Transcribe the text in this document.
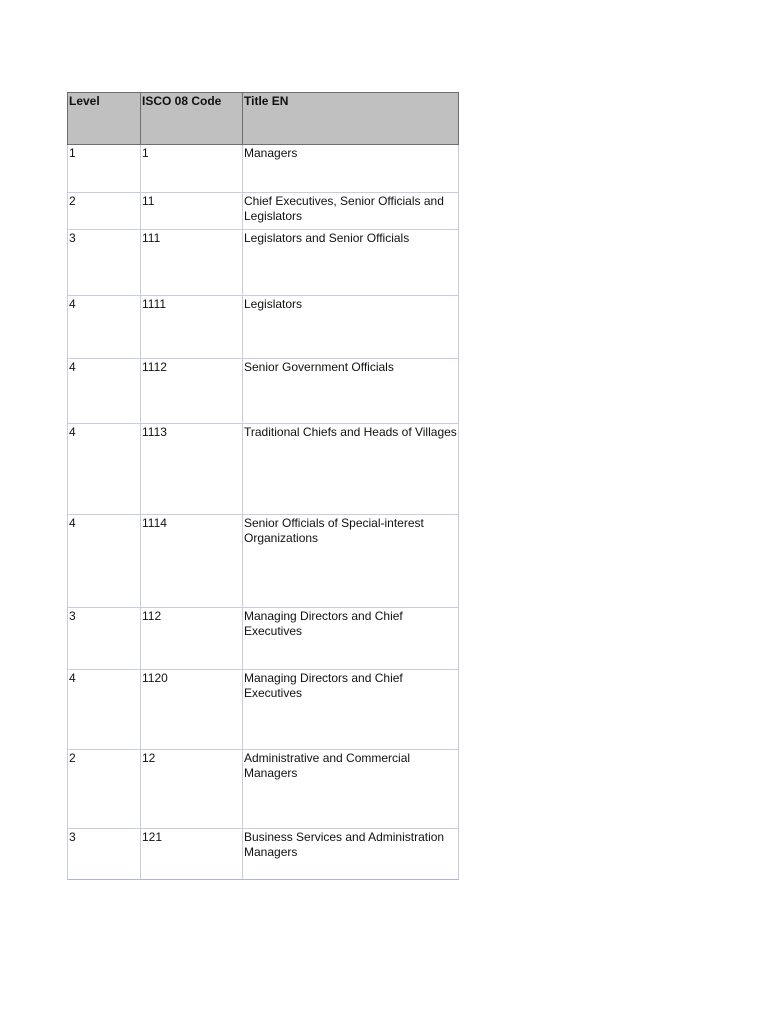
Level	ISCO 08 Code	Title EN
1	1	Managers
2	11	Chief Executives, Senior Officials and Legislators
3	111	Legislators and Senior Officials
4	1111	Legislators
4	1112	Senior Government Officials
4	1113	Traditional Chiefs and Heads of Villages
4	1114	Senior Officials of Special-interest Organizations
3	112	Managing Directors and Chief Executives
4	1120	Managing Directors and Chief Executives
2	12	Administrative and Commercial Managers
3	121	Business Services and Administration Managers
